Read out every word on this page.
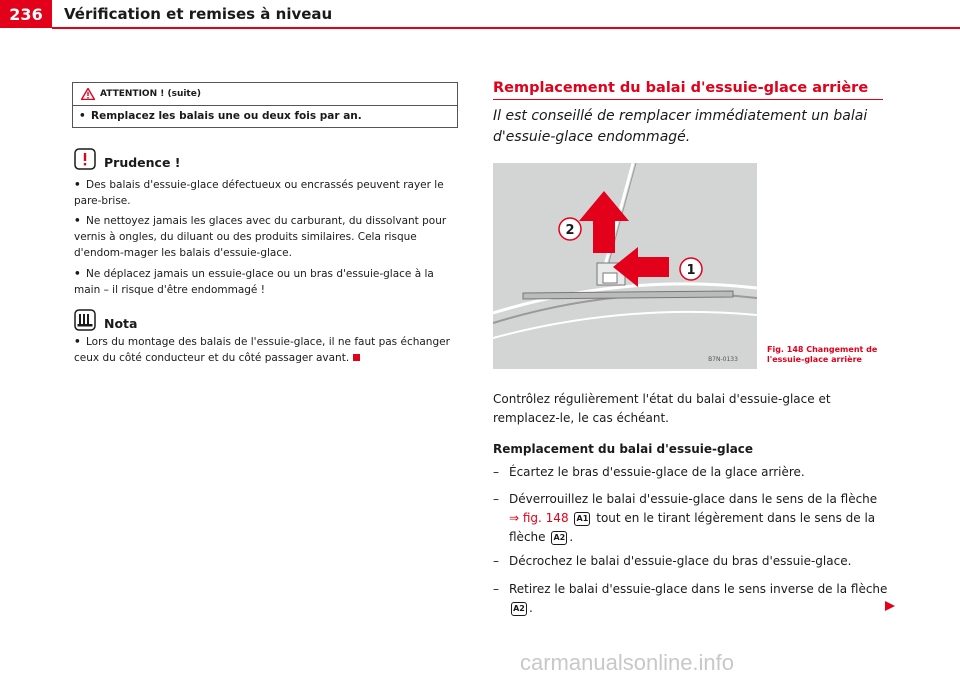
236	Vérification et remises à niveau
ATTENTION ! (suite)
• Remplacez les balais une ou deux fois par an.
Prudence !
• Des balais d'essuie-glace défectueux ou encrassés peuvent rayer le pare-brise.
• Ne nettoyez jamais les glaces avec du carburant, du dissolvant pour vernis à ongles, du diluant ou des produits similaires. Cela risque d'endom-mager les balais d'essuie-glace.
• Ne déplacez jamais un essuie-glace ou un bras d'essuie-glace à la main – il risque d'être endommagé !
Nota
• Lors du montage des balais de l'essuie-glace, il ne faut pas échanger ceux du côté conducteur et du côté passager avant.
Remplacement du balai d'essuie-glace arrière
Il est conseillé de remplacer immédiatement un balai d'essuie-glace endommagé.
2
1
B7N-0133
Fig. 148 Changement de
l'essuie-glace arrière
Contrôlez régulièrement l'état du balai d'essuie-glace et remplacez-le, le cas échéant.
Remplacement du balai d'essuie-glace
– Écartez le bras d'essuie-glace de la glace arrière.
– Déverrouillez le balai d'essuie-glace dans le sens de la flèche ⇒ fig. 148 A1 tout en le tirant légèrement dans le sens de la flèche A2 .
– Décrochez le balai d'essuie-glace du bras d'essuie-glace.
– Retirez le balai d'essuie-glace dans le sens inverse de la flèche A2 .
carmanualsonline.info
